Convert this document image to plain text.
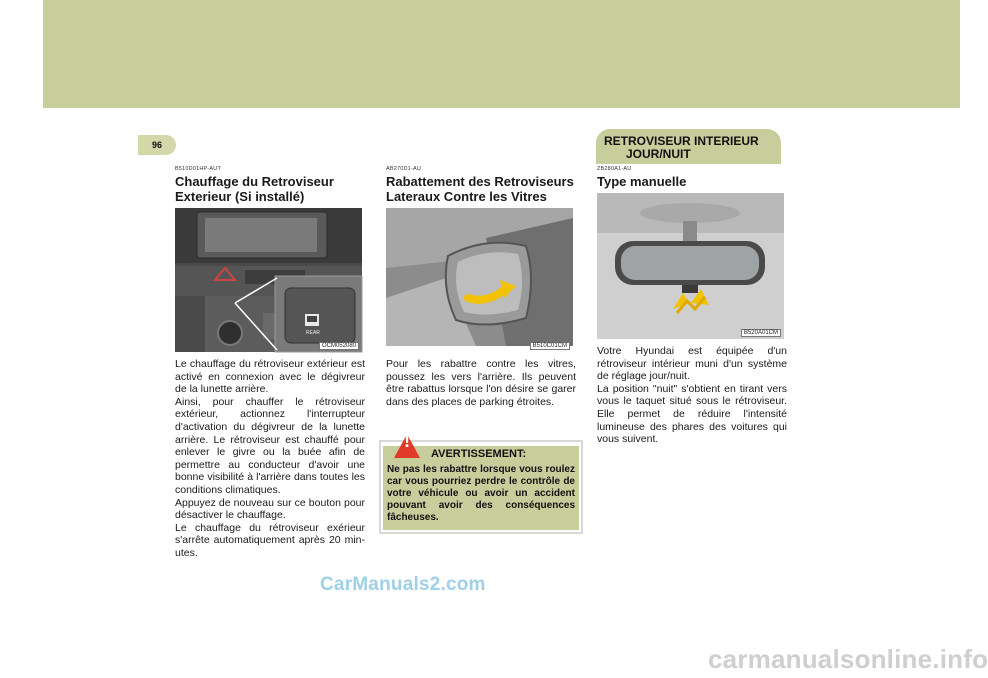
1 CARACTÉRISTIQUES DE VOTRE HYUNDAI
96	RETROVISEUR INTERIEUR
JOUR/NUIT
B510D01HP-AUT
Chauffage du Retroviseur Exterieur (Si installé)
REAR
OCM052080

Le chauffage du rétroviseur extérieur est activé en connexion avec le dégivreur de la lunette arrière.

Ainsi, pour chauffer le rétroviseur extérieur, actionnez l'interrupteur d'activation du dégivreur de la lunette arrière. Le rétroviseur est chauffé pour enlever le givre ou la buée afin de permettre au conducteur d'avoir une bonne visibilité à l'arrière dans toutes les conditions climatiques.

Appuyez de nouveau sur ce bouton pour désactiver le chauffage.

Le chauffage du rétroviseur exérieur s'arrête automatiquement après 20 min-utes.

AB270D1-AU
Rabattement des Retroviseurs Lateraux Contre les Vitres
B510C01CM

Pour les rabattre contre les vitres, poussez les vers l'arrière. Ils peuvent être rabattus lorsque l'on désire se garer dans des places de parking étroites.

!
AVERTISSEMENT:
Ne pas les rabattre lorsque vous roulez car vous pourriez perdre le contrôle de votre véhicule ou avoir un accident pouvant avoir des conséquences fâcheuses.
ZB280A1-AU
Type manuelle
B520A01CM

Votre Hyundai est équipée d'un rétroviseur intérieur muni d'un système de réglage jour/nuit.

La position "nuit" s'obtient en tirant vers vous le taquet situé sous le rétroviseur. Elle permet de réduire l'intensité lumineuse des phares des voitures qui vous suivent.

CarManuals2.com
carmanualsonline.info
